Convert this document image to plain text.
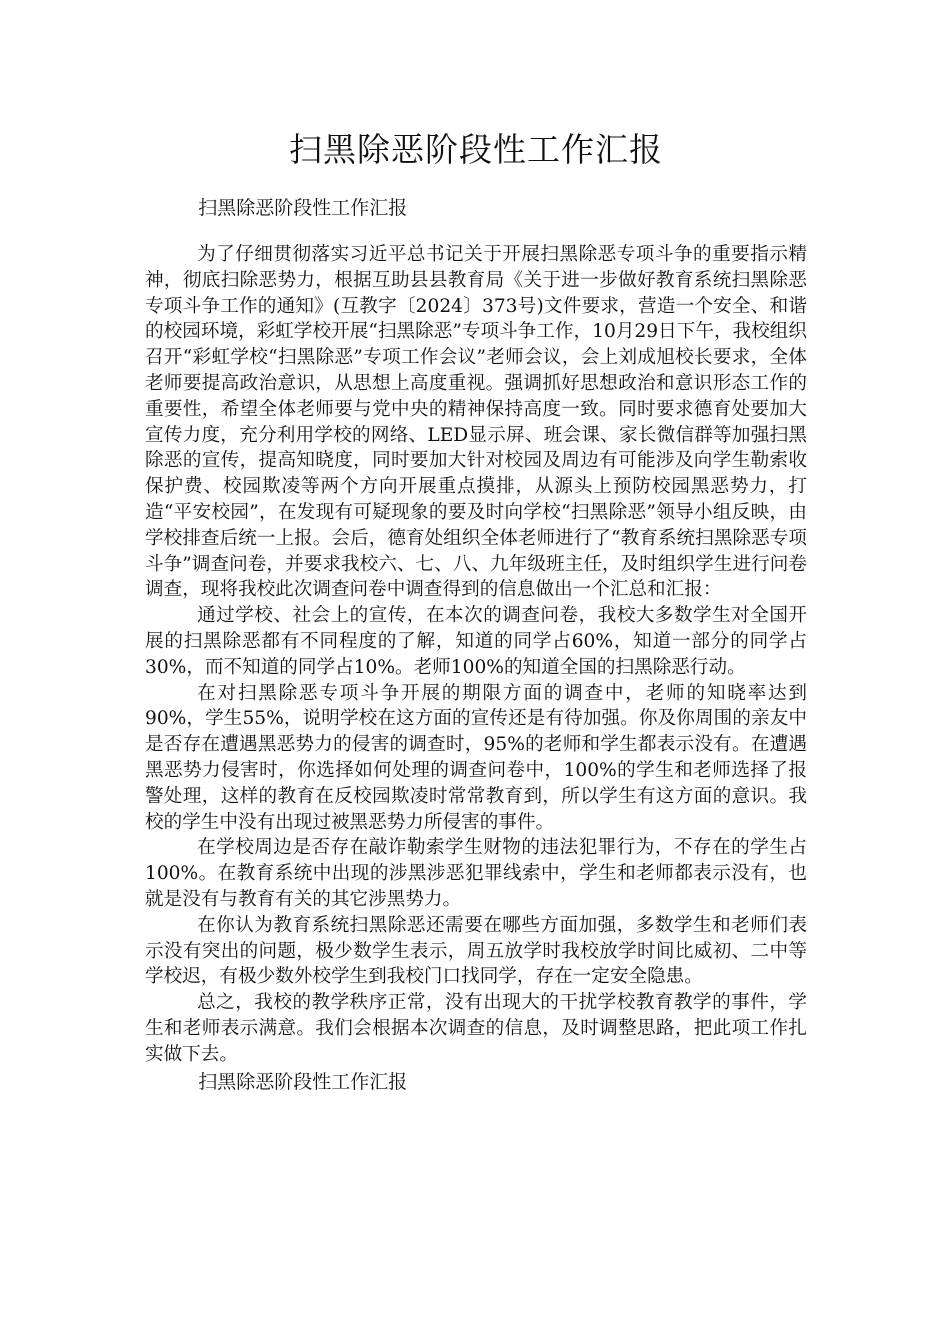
扫黑除恶阶段性工作汇报

扫黑除恶阶段性工作汇报

为了仔细贯彻落实习近平总书记关于开展扫黑除恶专项斗争的重要指示精神，彻底扫除恶势力，根据互助县县教育局《关于进一步做好教育系统扫黑除恶专项斗争工作的通知》(互教字〔2024〕373号)文件要求，营造一个安全、和谐的校园环境，彩虹学校开展“扫黑除恶”专项斗争工作，10月29日下午，我校组织召开“彩虹学校“扫黑除恶”专项工作会议”老师会议，会上刘成旭校长要求，全体老师要提高政治意识，从思想上高度重视。强调抓好思想政治和意识形态工作的重要性，希望全体老师要与党中央的精神保持高度一致。同时要求德育处要加大宣传力度，充分利用学校的网络、LED显示屏、班会课、家长微信群等加强扫黑除恶的宣传，提高知晓度，同时要加大针对校园及周边有可能涉及向学生勒索收保护费、校园欺凌等两个方向开展重点摸排，从源头上预防校园黑恶势力，打造“平安校园”，在发现有可疑现象的要及时向学校“扫黑除恶”领导小组反映，由学校排查后统一上报。会后，德育处组织全体老师进行了“教育系统扫黑除恶专项斗争”调查问卷，并要求我校六、七、八、九年级班主任，及时组织学生进行问卷调查，现将我校此次调查问卷中调查得到的信息做出一个汇总和汇报：

通过学校、社会上的宣传，在本次的调查问卷，我校大多数学生对全国开展的扫黑除恶都有不同程度的了解，知道的同学占60%，知道一部分的同学占30%，而不知道的同学占10%。老师100%的知道全国的扫黑除恶行动。

在对扫黑除恶专项斗争开展的期限方面的调查中，老师的知晓率达到90%，学生55%，说明学校在这方面的宣传还是有待加强。你及你周围的亲友中是否存在遭遇黑恶势力的侵害的调查时，95%的老师和学生都表示没有。在遭遇黑恶势力侵害时，你选择如何处理的调查问卷中，100%的学生和老师选择了报警处理，这样的教育在反校园欺凌时常常教育到，所以学生有这方面的意识。我校的学生中没有出现过被黑恶势力所侵害的事件。

在学校周边是否存在敲诈勒索学生财物的违法犯罪行为，不存在的学生占100%。在教育系统中出现的涉黑涉恶犯罪线索中，学生和老师都表示没有，也就是没有与教育有关的其它涉黑势力。

在你认为教育系统扫黑除恶还需要在哪些方面加强，多数学生和老师们表示没有突出的问题，极少数学生表示，周五放学时我校放学时间比威初、二中等学校迟，有极少数外校学生到我校门口找同学，存在一定安全隐患。

总之，我校的教学秩序正常，没有出现大的干扰学校教育教学的事件，学生和老师表示满意。我们会根据本次调查的信息，及时调整思路，把此项工作扎实做下去。

扫黑除恶阶段性工作汇报
